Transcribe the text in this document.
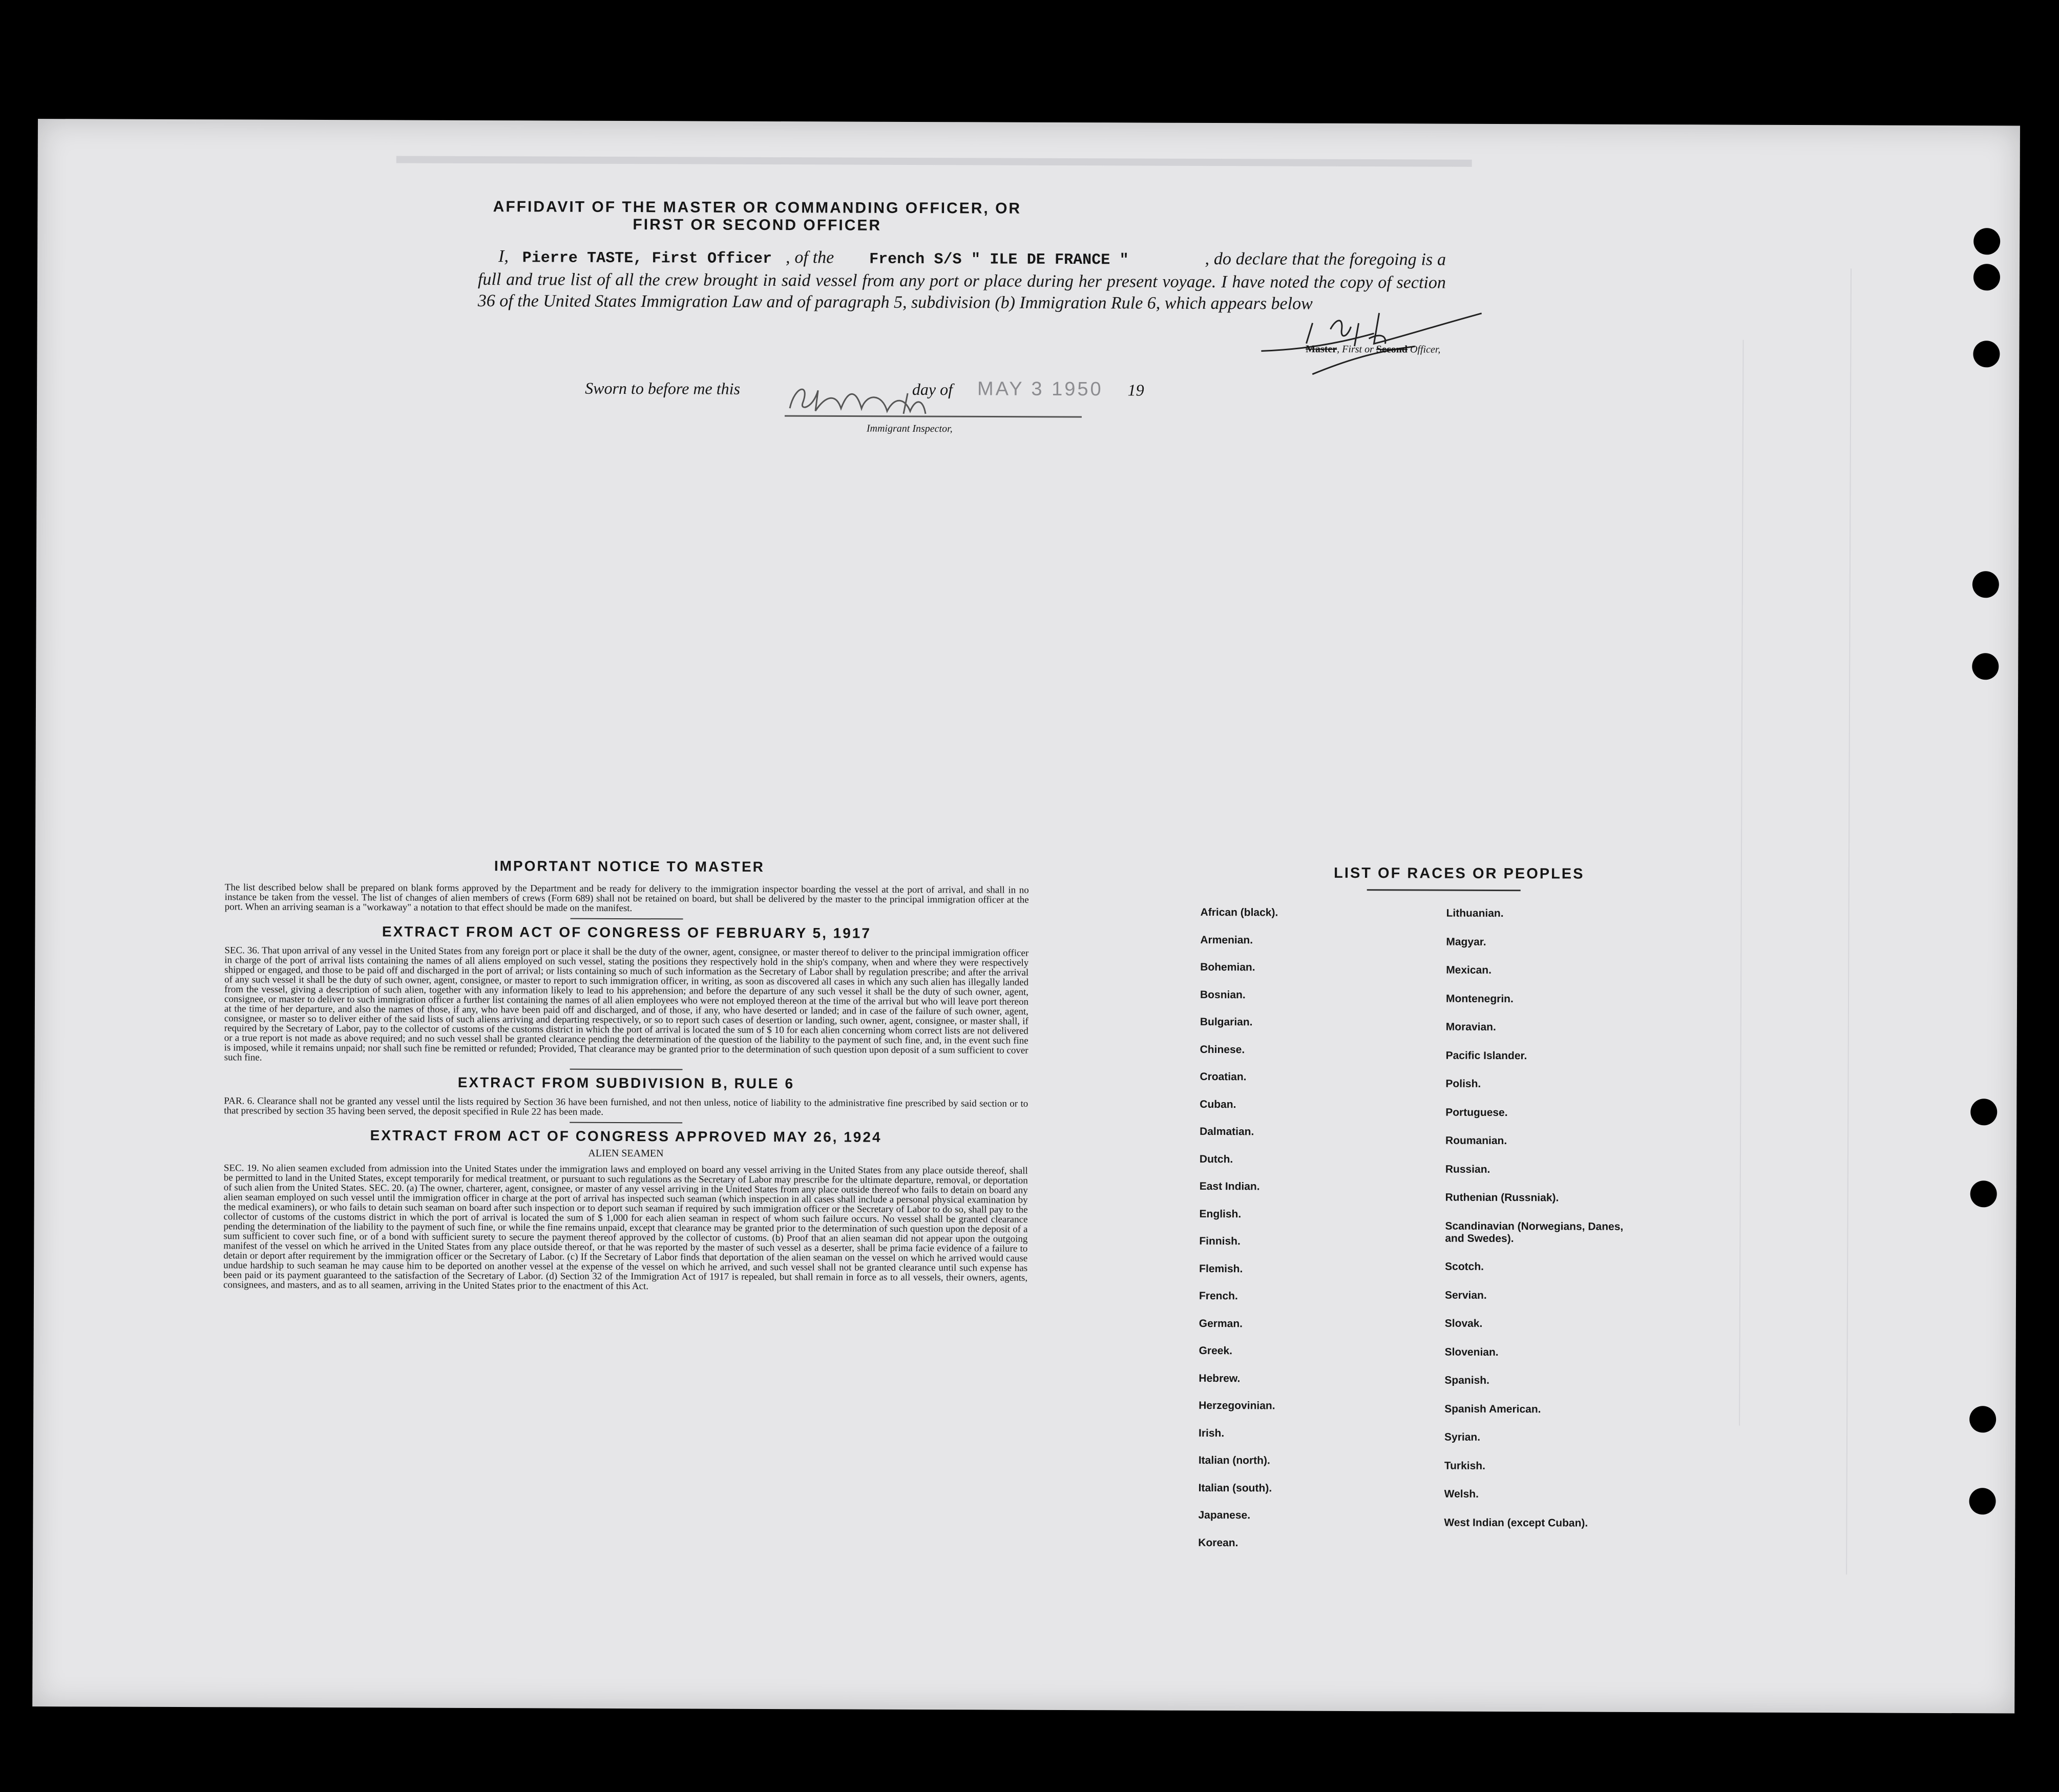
AFFIDAVIT OF THE MASTER OR COMMANDING OFFICER, OR FIRST OR SECOND OFFICER
I, Pierre TASTE, First Officer , of the French S/S " ILE DE FRANCE "	, do declare that the foregoing is a full and true list of all the crew brought in said vessel from any port or place during her present voyage. I have noted the copy of section 36 of the United States Immigration Law and of paragraph 5, subdivision (b) Immigration Rule 6, which appears below
Master, First or Second Officer,
Sworn to before me this	day of MAY 3 1950 19
Immigrant Inspector,
IMPORTANT NOTICE TO MASTER
The list described below shall be prepared on blank forms approved by the Department and be ready for delivery to the immigration inspector boarding the vessel at the port of arrival, and shall in no instance be taken from the vessel. The list of changes of alien members of crews (Form 689) shall not be retained on board, but shall be delivered by the master to the principal immigration officer at the port. When an arriving seaman is a "workaway" a notation to that effect should be made on the manifest.
EXTRACT FROM ACT OF CONGRESS OF FEBRUARY 5, 1917
SEC. 36. That upon arrival of any vessel in the United States from any foreign port or place it shall be the duty of the owner, agent, consignee, or master thereof to deliver to the principal immigration officer in charge of the port of arrival lists containing the names of all aliens employed on such vessel, stating the positions they respectively hold in the ship's company, when and where they were respectively shipped or engaged, and those to be paid off and discharged in the port of arrival; or lists containing so much of such information as the Secretary of Labor shall by regulation prescribe; and after the arrival of any such vessel it shall be the duty of such owner, agent, consignee, or master to report to such immigration officer, in writing, as soon as discovered all cases in which any such alien has illegally landed from the vessel, giving a description of such alien, together with any information likely to lead to his apprehension; and before the departure of any such vessel it shall be the duty of such owner, agent, consignee, or master to deliver to such immigration officer a further list containing the names of all alien employees who were not employed thereon at the time of the arrival but who will leave port thereon at the time of her departure, and also the names of those, if any, who have been paid off and discharged, and of those, if any, who have deserted or landed; and in case of the failure of such owner, agent, consignee, or master so to deliver either of the said lists of such aliens arriving and departing respectively, or so to report such cases of desertion or landing, such owner, agent, consignee, or master shall, if required by the Secretary of Labor, pay to the collector of customs of the customs district in which the port of arrival is located the sum of $ 10 for each alien concerning whom correct lists are not delivered or a true report is not made as above required; and no such vessel shall be granted clearance pending the determination of the question of the liability to the payment of such fine, and, in the event such fine is imposed, while it remains unpaid; nor shall such fine be remitted or refunded; Provided, That clearance may be granted prior to the determination of such question upon deposit of a sum sufficient to cover such fine.
EXTRACT FROM SUBDIVISION B, RULE 6
PAR. 6. Clearance shall not be granted any vessel until the lists required by Section 36 have been furnished, and not then unless, notice of liability to the administrative fine prescribed by said section or to that prescribed by section 35 having been served, the deposit specified in Rule 22 has been made.
EXTRACT FROM ACT OF CONGRESS APPROVED MAY 26, 1924
ALIEN SEAMEN
SEC. 19. No alien seamen excluded from admission into the United States under the immigration laws and employed on board any vessel arriving in the United States from any place outside thereof, shall be permitted to land in the United States, except temporarily for medical treatment, or pursuant to such regulations as the Secretary of Labor may prescribe for the ultimate departure, removal, or deportation of such alien from the United States. SEC. 20. (a) The owner, charterer, agent, consignee, or master of any vessel arriving in the United States from any place outside thereof who fails to detain on board any alien seaman employed on such vessel until the immigration officer in charge at the port of arrival has inspected such seaman (which inspection in all cases shall include a personal physical examination by the medical examiners), or who fails to detain such seaman on board after such inspection or to deport such seaman if required by such immigration officer or the Secretary of Labor to do so, shall pay to the collector of customs of the customs district in which the port of arrival is located the sum of $ 1,000 for each alien seaman in respect of whom such failure occurs. No vessel shall be granted clearance pending the determination of the liability to the payment of such fine, or while the fine remains unpaid, except that clearance may be granted prior to the determination of such question upon the deposit of a sum sufficient to cover such fine, or of a bond with sufficient surety to secure the payment thereof approved by the collector of customs. (b) Proof that an alien seaman did not appear upon the outgoing manifest of the vessel on which he arrived in the United States from any place outside thereof, or that he was reported by the master of such vessel as a deserter, shall be prima facie evidence of a failure to detain or deport after requirement by the immigration officer or the Secretary of Labor. (c) If the Secretary of Labor finds that deportation of the alien seaman on the vessel on which he arrived would cause undue hardship to such seaman he may cause him to be deported on another vessel at the expense of the vessel on which he arrived, and such vessel shall not be granted clearance until such expense has been paid or its payment guaranteed to the satisfaction of the Secretary of Labor. (d) Section 32 of the Immigration Act of 1917 is repealed, but shall remain in force as to all vessels, their owners, agents, consignees, and masters, and as to all seamen, arriving in the United States prior to the enactment of this Act.
LIST OF RACES OR PEOPLES
African (black).
Armenian.
Bohemian.
Bosnian.
Bulgarian.
Chinese.
Croatian.
Cuban.
Dalmatian.
Dutch.
East Indian.
English.
Finnish.
Flemish.
French.
German.
Greek.
Hebrew.
Herzegovinian.
Irish.
Italian (north).
Italian (south).
Japanese.
Korean.
Lithuanian.
Magyar.
Mexican.
Montenegrin.
Moravian.
Pacific Islander.
Polish.
Portuguese.
Roumanian.
Russian.
Ruthenian (Russniak).
Scandinavian (Norwegians, Danes, and Swedes).
Scotch.
Servian.
Slovak.
Slovenian.
Spanish.
Spanish American.
Syrian.
Turkish.
Welsh.
West Indian (except Cuban).
